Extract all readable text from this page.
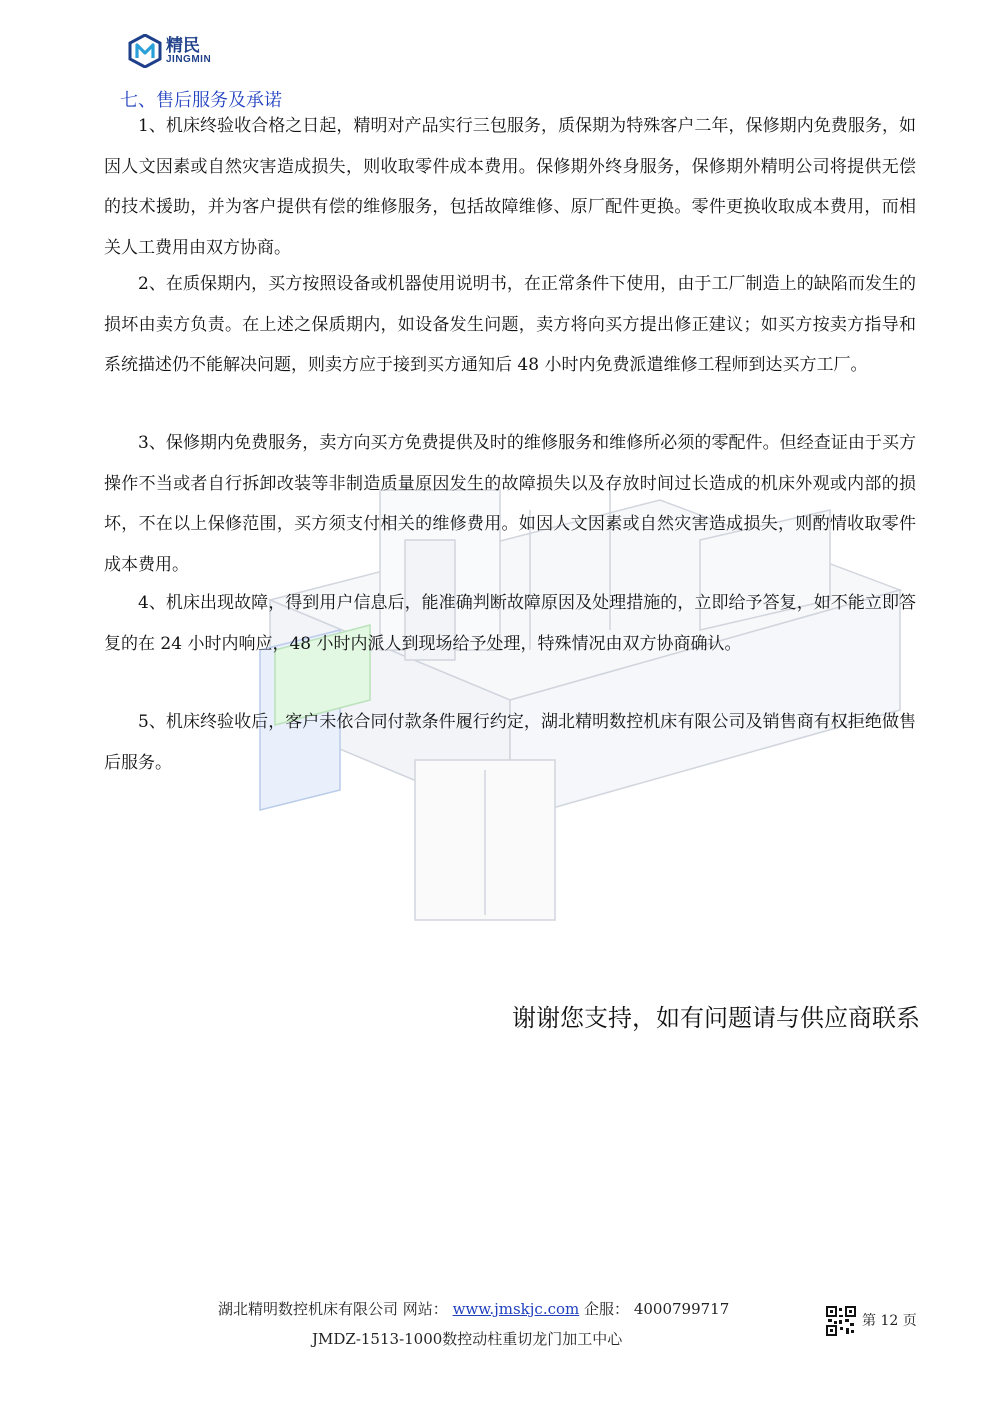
精民
JINGMIN
七、售后服务及承诺

1、机床终验收合格之日起，精明对产品实行三包服务，质保期为特殊客户二年，保修期内免费服务，如因人文因素或自然灾害造成损失，则收取零件成本费用。保修期外终身服务，保修期外精明公司将提供无偿的技术援助，并为客户提供有偿的维修服务，包括故障维修、原厂配件更换。零件更换收取成本费用，而相关人工费用由双方协商。

2、在质保期内，买方按照设备或机器使用说明书，在正常条件下使用，由于工厂制造上的缺陷而发生的损坏由卖方负责。在上述之保质期内，如设备发生问题，卖方将向买方提出修正建议；如买方按卖方指导和系统描述仍不能解决问题，则卖方应于接到买方通知后 48 小时内免费派遣维修工程师到达买方工厂。

3、保修期内免费服务，卖方向买方免费提供及时的维修服务和维修所必须的零配件。但经查证由于买方操作不当或者自行拆卸改装等非制造质量原因发生的故障损失以及存放时间过长造成的机床外观或内部的损坏，不在以上保修范围，买方须支付相关的维修费用。如因人文因素或自然灾害造成损失，则酌情收取零件成本费用。

4、机床出现故障，得到用户信息后，能准确判断故障原因及处理措施的，立即给予答复，如不能立即答复的在 24 小时内响应，48 小时内派人到现场给予处理，特殊情况由双方协商确认。

5、机床终验收后，客户未依合同付款条件履行约定，湖北精明数控机床有限公司及销售商有权拒绝做售后服务。

谢谢您支持，如有问题请与供应商联系
湖北精明数控机床有限公司 网站： www.jmskjc.com 企服： 4000799717
JMDZ-1513-1000数控动柱重切龙门加工中心
第 12 页
